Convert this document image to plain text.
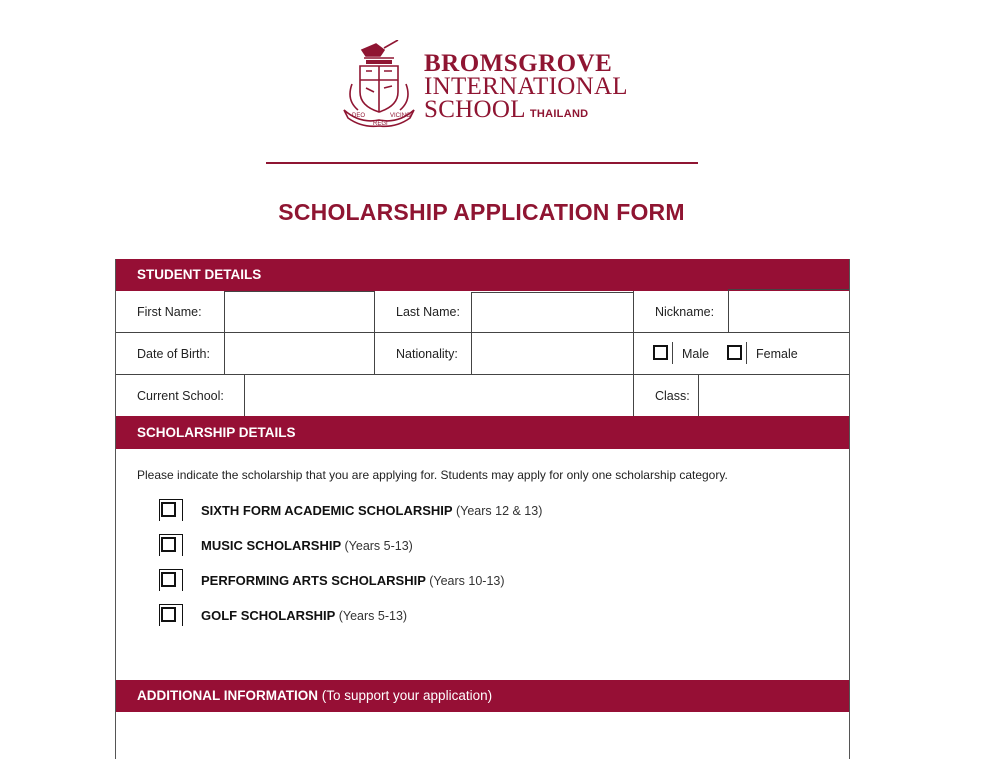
DEO
REGI
VICINO
BROMSGROVE
INTERNATIONAL
SCHOOL THAILAND
SCHOLARSHIP APPLICATION FORM
STUDENT DETAILS
First Name:	Last Name:	Nickname:
Date of Birth:	Nationality:	Male	Female
Current School:	Class:
SCHOLARSHIP DETAILS
Please indicate the scholarship that you are applying for. Students may apply for only one scholarship category.
SIXTH FORM ACADEMIC SCHOLARSHIP (Years 12 & 13)
MUSIC SCHOLARSHIP (Years 5-13)
PERFORMING ARTS SCHOLARSHIP (Years 10-13)
GOLF SCHOLARSHIP (Years 5-13)
ADDITIONAL INFORMATION (To support your application)
